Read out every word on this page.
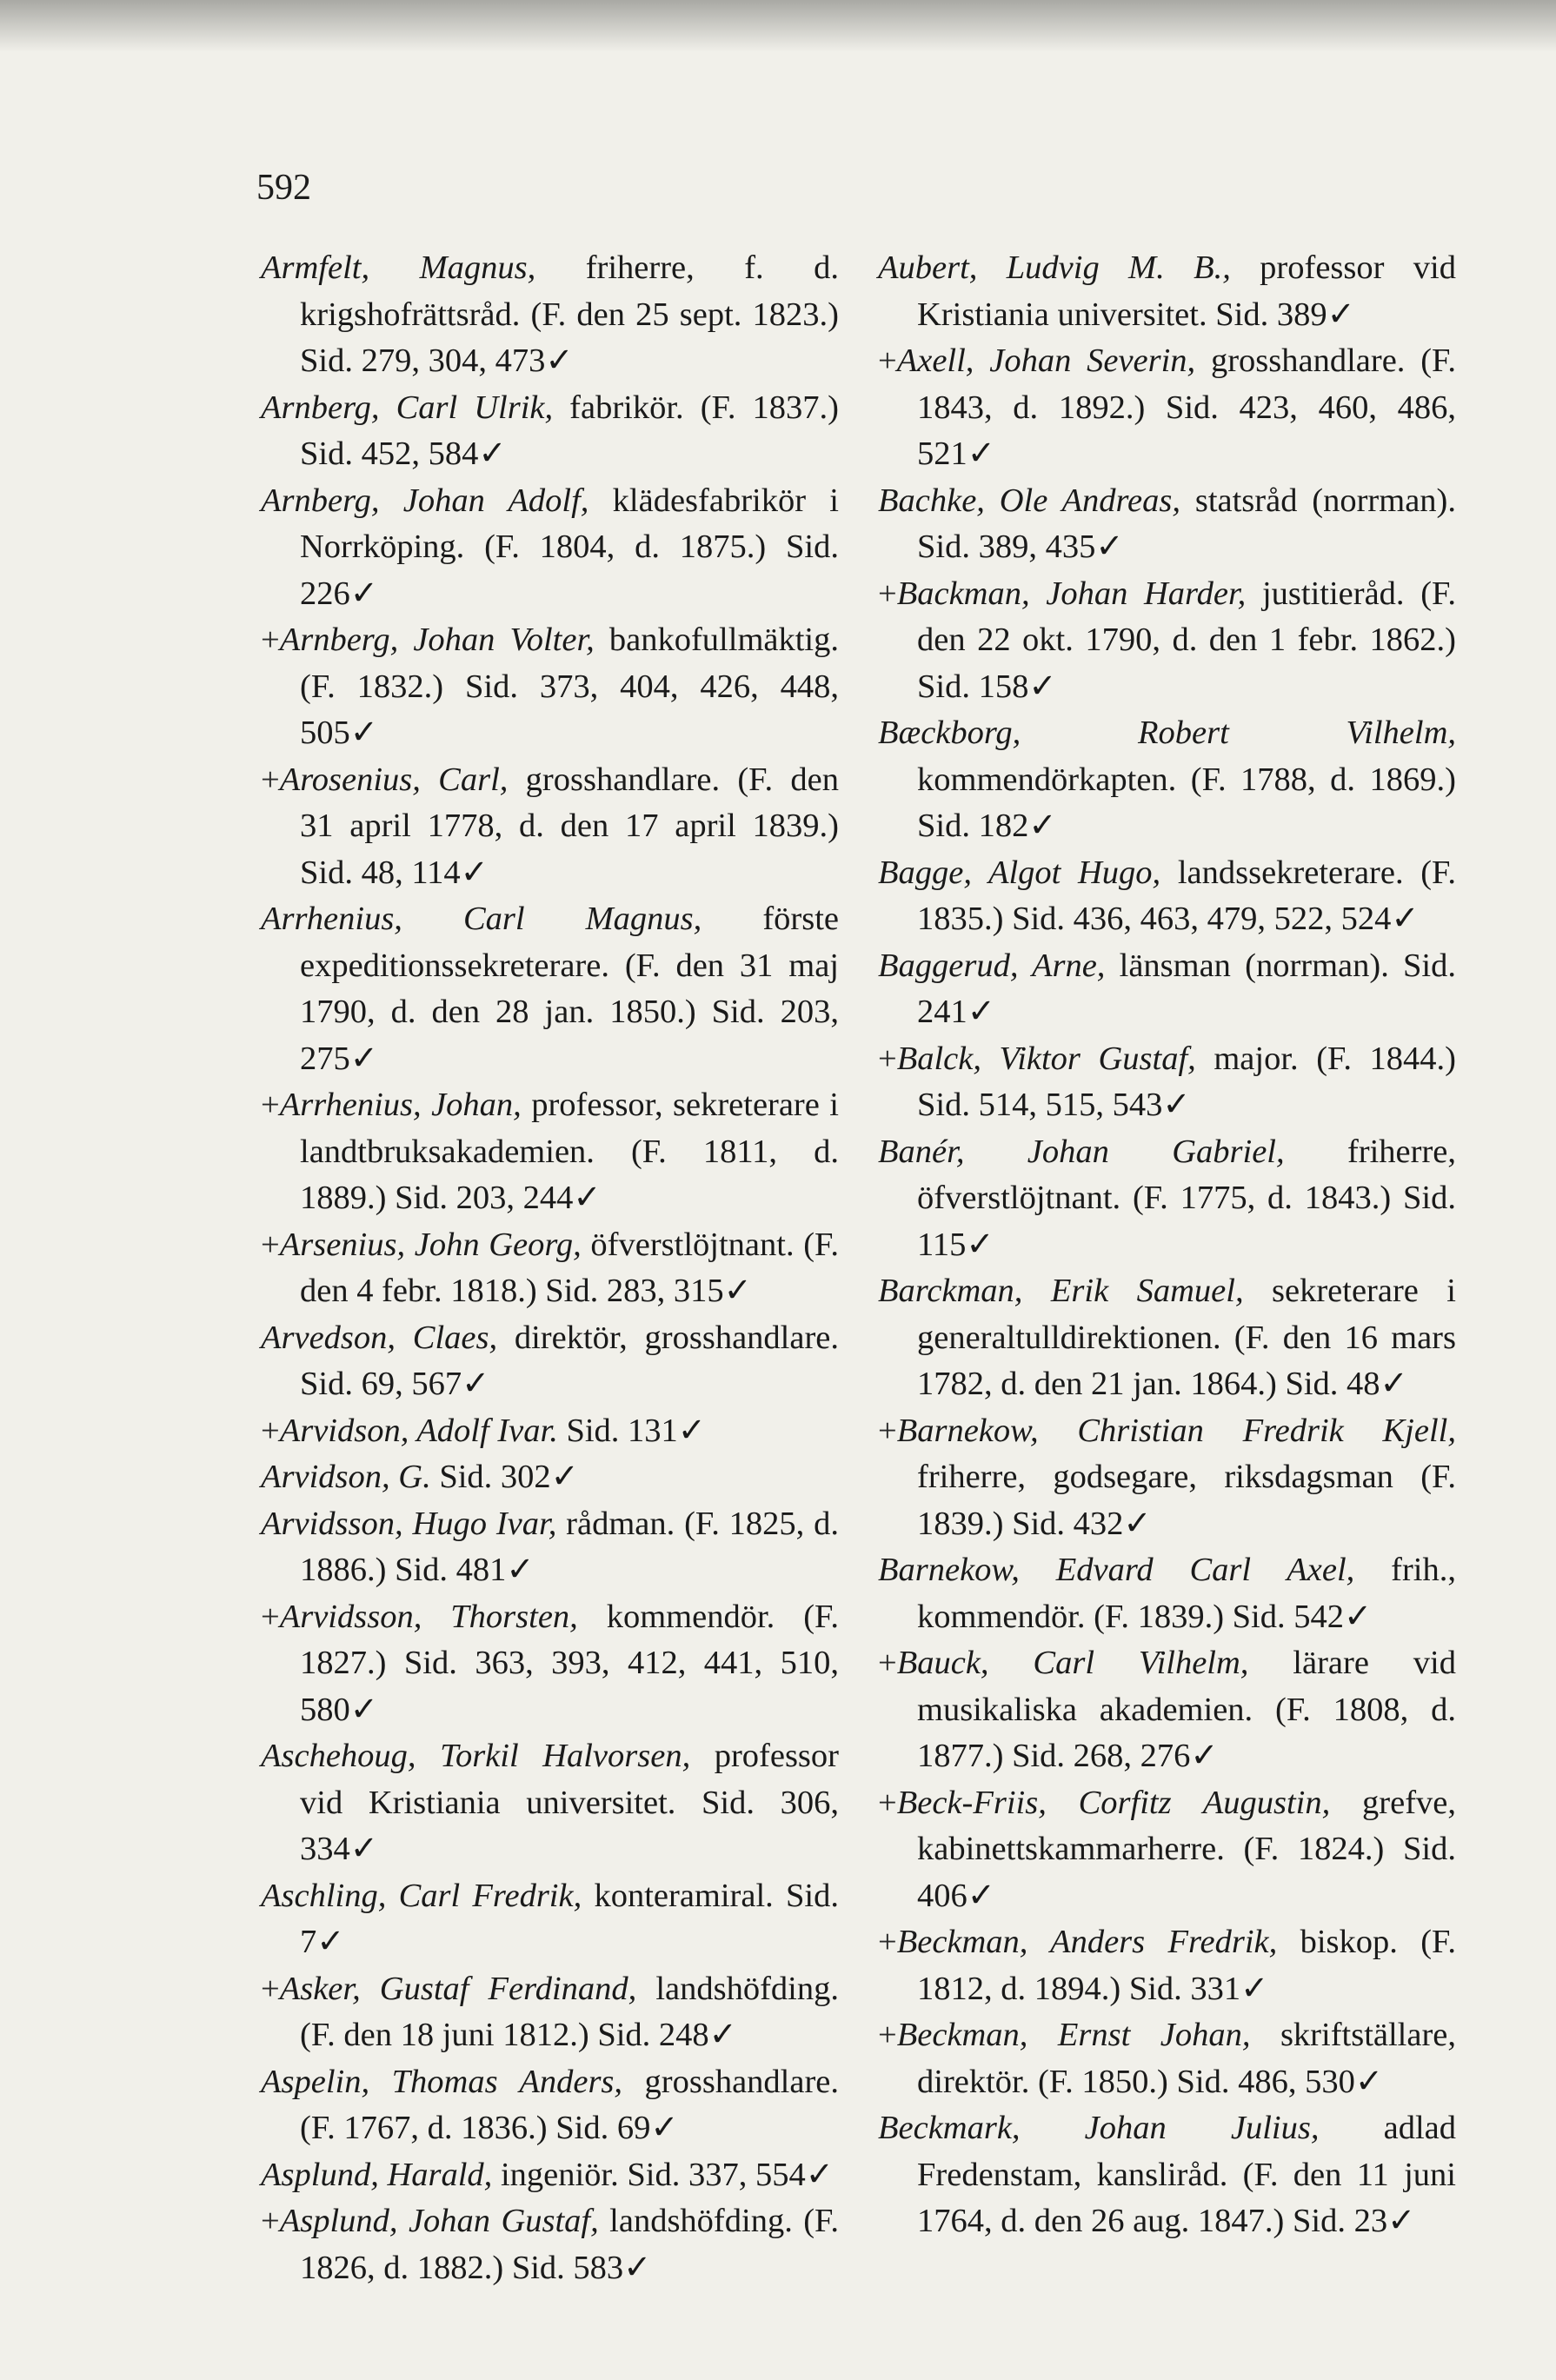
592

Armfelt, Magnus, friherre, f. d. krigshofrättsråd. (F. den 25 sept. 1823.) Sid. 279, 304, 473✓

Arnberg, Carl Ulrik, fabrikör. (F. 1837.) Sid. 452, 584✓

Arnberg, Johan Adolf, klädesfabrikör i Norrköping. (F. 1804, d. 1875.) Sid. 226✓

+Arnberg, Johan Volter, bankofullmäktig. (F. 1832.) Sid. 373, 404, 426, 448, 505✓

+Arosenius, Carl, grosshandlare. (F. den 31 april 1778, d. den 17 april 1839.) Sid. 48, 114✓

Arrhenius, Carl Magnus, förste expeditionssekreterare. (F. den 31 maj 1790, d. den 28 jan. 1850.) Sid. 203, 275✓

+Arrhenius, Johan, professor, sekreterare i landtbruksakademien. (F. 1811, d. 1889.) Sid. 203, 244✓

+Arsenius, John Georg, öfverstlöjtnant. (F. den 4 febr. 1818.) Sid. 283, 315✓

Arvedson, Claes, direktör, grosshandlare. Sid. 69, 567✓

+Arvidson, Adolf Ivar. Sid. 131✓

Arvidson, G. Sid. 302✓

Arvidsson, Hugo Ivar, rådman. (F. 1825, d. 1886.) Sid. 481✓

+Arvidsson, Thorsten, kommendör. (F. 1827.) Sid. 363, 393, 412, 441, 510, 580✓

Aschehoug, Torkil Halvorsen, professor vid Kristiania universitet. Sid. 306, 334✓

Aschling, Carl Fredrik, konteramiral. Sid. 7✓

+Asker, Gustaf Ferdinand, landshöfding. (F. den 18 juni 1812.) Sid. 248✓

Aspelin, Thomas Anders, grosshandlare. (F. 1767, d. 1836.) Sid. 69✓

Asplund, Harald, ingeniör. Sid. 337, 554✓

+Asplund, Johan Gustaf, landshöfding. (F. 1826, d. 1882.) Sid. 583✓

Aubert, Ludvig M. B., professor vid Kristiania universitet. Sid. 389✓

+Axell, Johan Severin, grosshandlare. (F. 1843, d. 1892.) Sid. 423, 460, 486, 521✓

Bachke, Ole Andreas, statsråd (norrman). Sid. 389, 435✓

+Backman, Johan Harder, justitieråd. (F. den 22 okt. 1790, d. den 1 febr. 1862.) Sid. 158✓

Bæckborg, Robert Vilhelm, kommendörkapten. (F. 1788, d. 1869.) Sid. 182✓

Bagge, Algot Hugo, landssekreterare. (F. 1835.) Sid. 436, 463, 479, 522, 524✓

Baggerud, Arne, länsman (norrman). Sid. 241✓

+Balck, Viktor Gustaf, major. (F. 1844.) Sid. 514, 515, 543✓

Banér, Johan Gabriel, friherre, öfverstlöjtnant. (F. 1775, d. 1843.) Sid. 115✓

Barckman, Erik Samuel, sekreterare i generaltulldirektionen. (F. den 16 mars 1782, d. den 21 jan. 1864.) Sid. 48✓

+Barnekow, Christian Fredrik Kjell, friherre, godsegare, riksdagsman (F. 1839.) Sid. 432✓

Barnekow, Edvard Carl Axel, frih., kommendör. (F. 1839.) Sid. 542✓

+Bauck, Carl Vilhelm, lärare vid musikaliska akademien. (F. 1808, d. 1877.) Sid. 268, 276✓

+Beck-Friis, Corfitz Augustin, grefve, kabinettskammarherre. (F. 1824.) Sid. 406✓

+Beckman, Anders Fredrik, biskop. (F. 1812, d. 1894.) Sid. 331✓

+Beckman, Ernst Johan, skriftställare, direktör. (F. 1850.) Sid. 486, 530✓

Beckmark, Johan Julius, adlad Fredenstam, kansliråd. (F. den 11 juni 1764, d. den 26 aug. 1847.) Sid. 23✓
